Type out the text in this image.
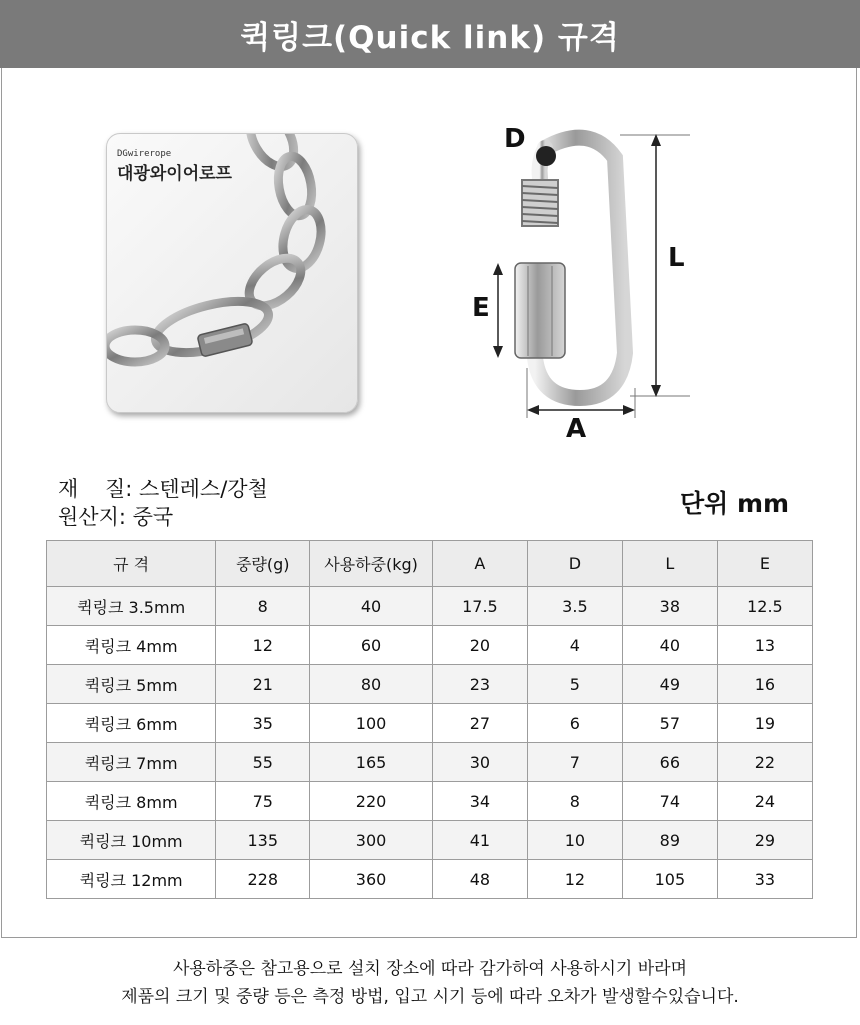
퀵링크(Quick link) 규격
DGwirerope
대광와이어로프
D
L
E
A
재    질: 스텐레스/강철
원산지: 중국	단위 mm
규 격	중량(g)	사용하중(kg)	A	D	L	E
퀵링크 3.5mm	8	40	17.5	3.5	38	12.5
퀵링크 4mm	12	60	20	4	40	13
퀵링크 5mm	21	80	23	5	49	16
퀵링크 6mm	35	100	27	6	57	19
퀵링크 7mm	55	165	30	7	66	22
퀵링크 8mm	75	220	34	8	74	24
퀵링크 10mm	135	300	41	10	89	29
퀵링크 12mm	228	360	48	12	105	33
사용하중은 참고용으로 설치 장소에 따라 감가하여 사용하시기 바라며
제품의 크기 및 중량 등은 측정 방법, 입고 시기 등에 따라 오차가 발생할수있습니다.
